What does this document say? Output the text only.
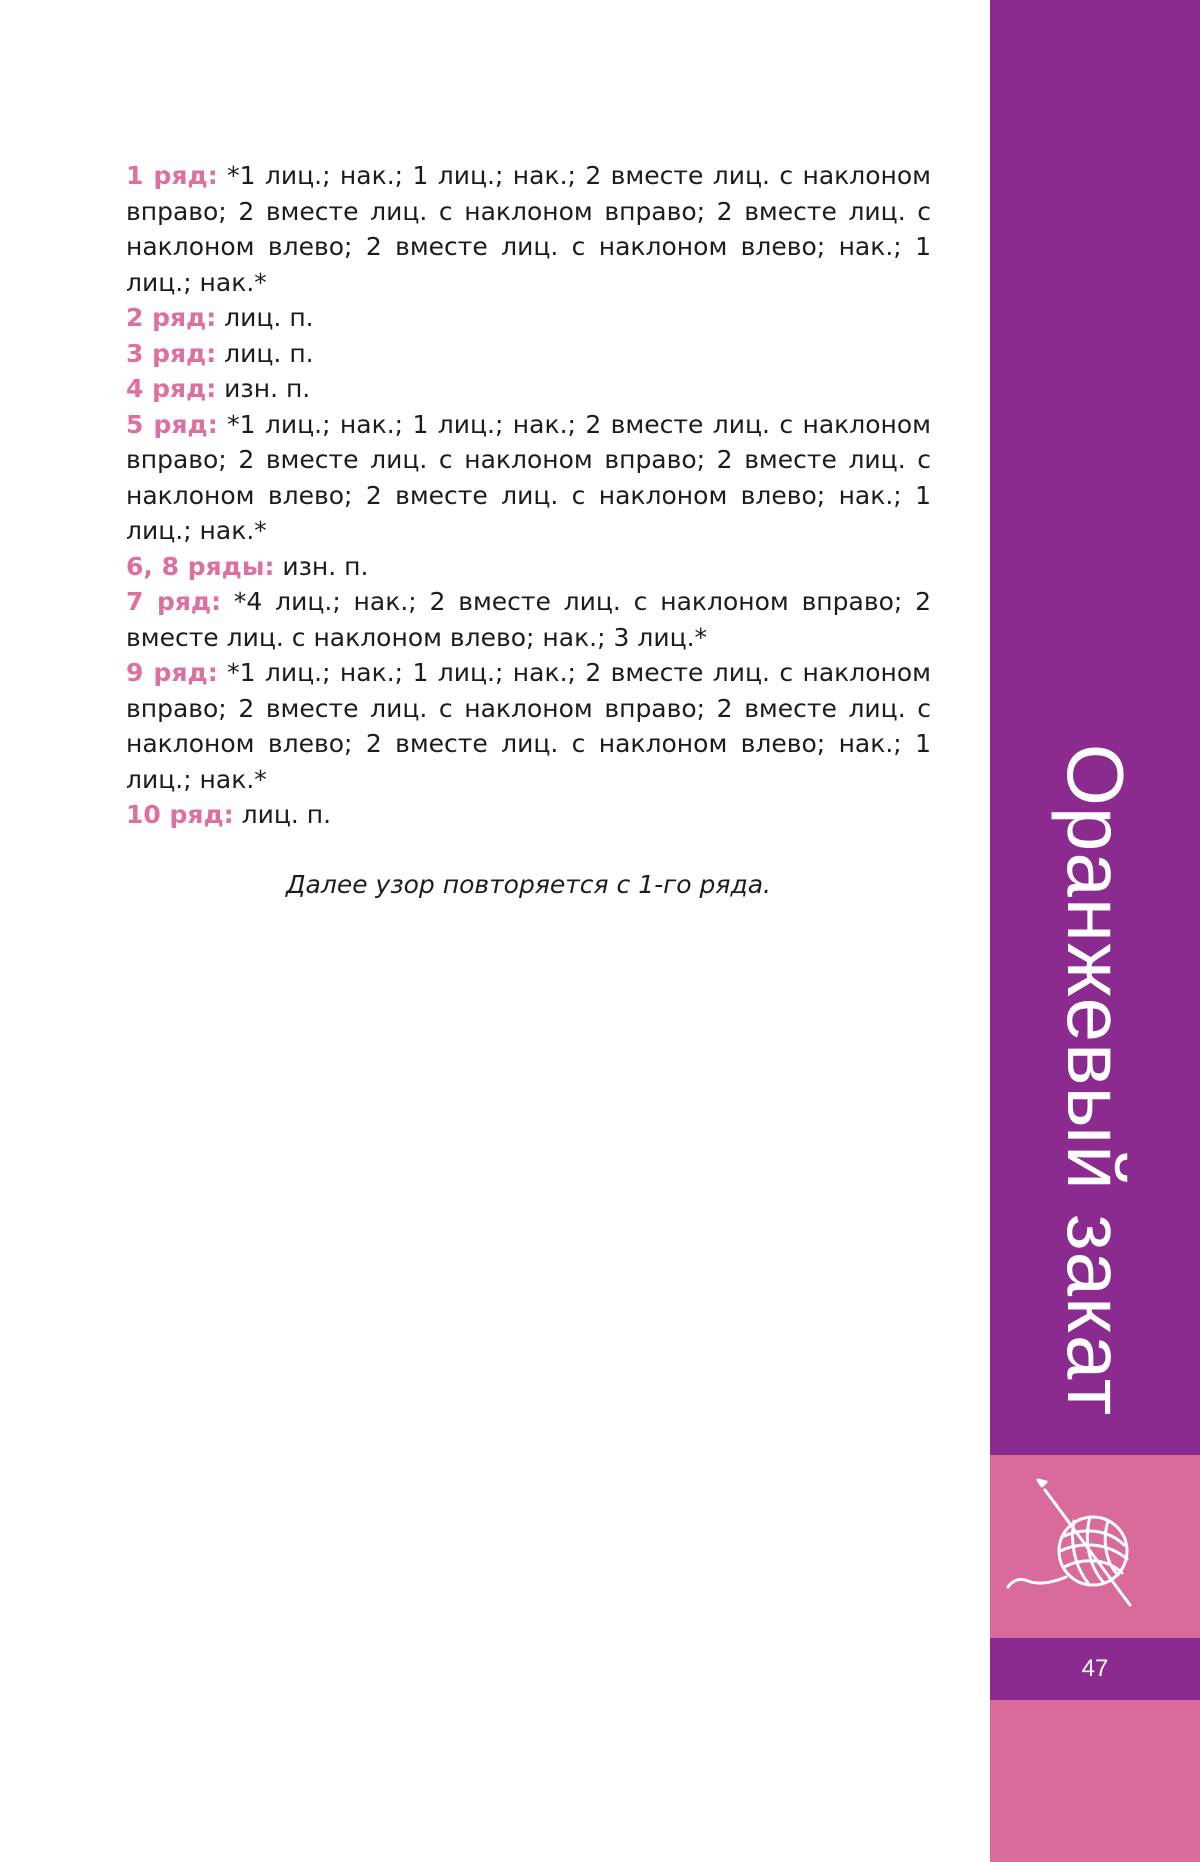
1 ряд: *1 лиц.; нак.; 1 лиц.; нак.; 2 вместе лиц. с наклоном вправо; 2 вместе лиц. с наклоном вправо; 2 вместе лиц. с наклоном влево; 2 вместе лиц. с наклоном влево; нак.; 1 лиц.; нак.*

2 ряд: лиц. п.

3 ряд: лиц. п.

4 ряд: изн. п.

5 ряд: *1 лиц.; нак.; 1 лиц.; нак.; 2 вместе лиц. с наклоном вправо; 2 вместе лиц. с наклоном вправо; 2 вместе лиц. с наклоном влево; 2 вместе лиц. с наклоном влево; нак.; 1 лиц.; нак.*

6, 8 ряды: изн. п.

7 ряд: *4 лиц.; нак.; 2 вместе лиц. с наклоном вправо; 2 вместе лиц. с наклоном влево; нак.; 3 лиц.*

9 ряд: *1 лиц.; нак.; 1 лиц.; нак.; 2 вместе лиц. с наклоном вправо; 2 вместе лиц. с наклоном вправо; 2 вместе лиц. с наклоном влево; 2 вместе лиц. с наклоном влево; нак.; 1 лиц.; нак.*

10 ряд: лиц. п.

Далее узор повторяется с 1-го ряда.	Оранжевый закат
47
